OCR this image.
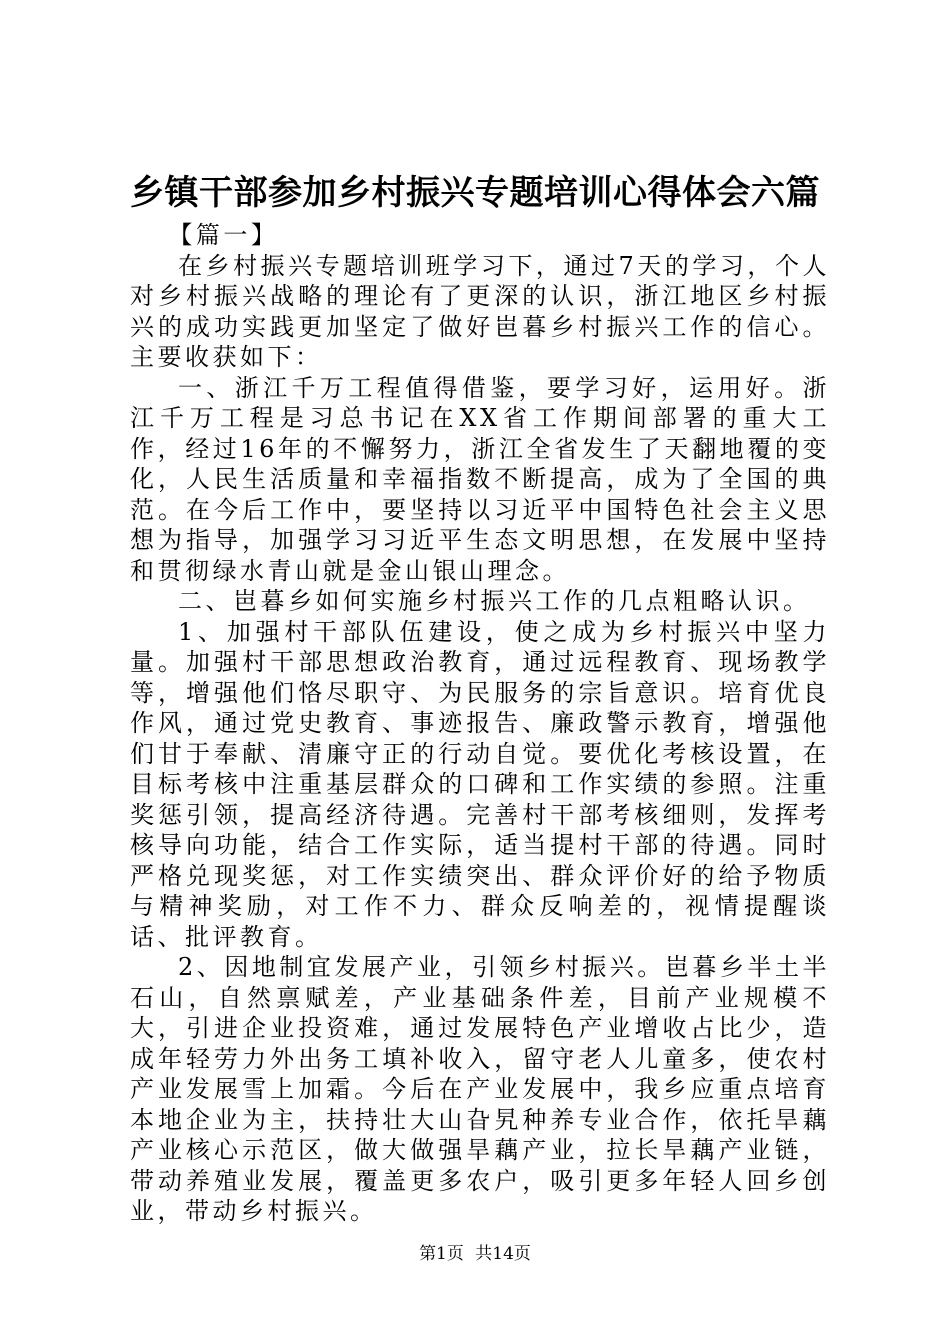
乡镇干部参加乡村振兴专题培训心得体会六篇

【篇一】

在乡村振兴专题培训班学习下，通过7天的学习，个人对乡村振兴战略的理论有了更深的认识，浙江地区乡村振兴的成功实践更加坚定了做好岜暮乡村振兴工作的信心。主要收获如下：

一、浙江千万工程值得借鉴，要学习好，运用好。浙江千万工程是习总书记在XX省工作期间部署的重大工作，经过16年的不懈努力，浙江全省发生了天翻地覆的变化，人民生活质量和幸福指数不断提高，成为了全国的典范。在今后工作中，要坚持以习近平中国特色社会主义思想为指导，加强学习习近平生态文明思想，在发展中坚持和贯彻绿水青山就是金山银山理念。

二、岜暮乡如何实施乡村振兴工作的几点粗略认识。

1、加强村干部队伍建设，使之成为乡村振兴中坚力量。加强村干部思想政治教育，通过远程教育、现场教学等，增强他们恪尽职守、为民服务的宗旨意识。培育优良作风，通过党史教育、事迹报告、廉政警示教育，增强他们甘于奉献、清廉守正的行动自觉。要优化考核设置，在目标考核中注重基层群众的口碑和工作实绩的参照。注重奖惩引领，提高经济待遇。完善村干部考核细则，发挥考核导向功能，结合工作实际，适当提村干部的待遇。同时严格兑现奖惩，对工作实绩突出、群众评价好的给予物质与精神奖励，对工作不力、群众反响差的，视情提醒谈话、批评教育。

2、因地制宜发展产业，引领乡村振兴。岜暮乡半土半石山，自然禀赋差，产业基础条件差，目前产业规模不大，引进企业投资难，通过发展特色产业增收占比少，造成年轻劳力外出务工填补收入，留守老人儿童多，使农村产业发展雪上加霜。今后在产业发展中，我乡应重点培育本地企业为主，扶持壮大山旮旯种养专业合作，依托旱藕产业核心示范区，做大做强旱藕产业，拉长旱藕产业链，带动养殖业发展，覆盖更多农户，吸引更多年轻人回乡创业，带动乡村振兴。

第1页 共14页
